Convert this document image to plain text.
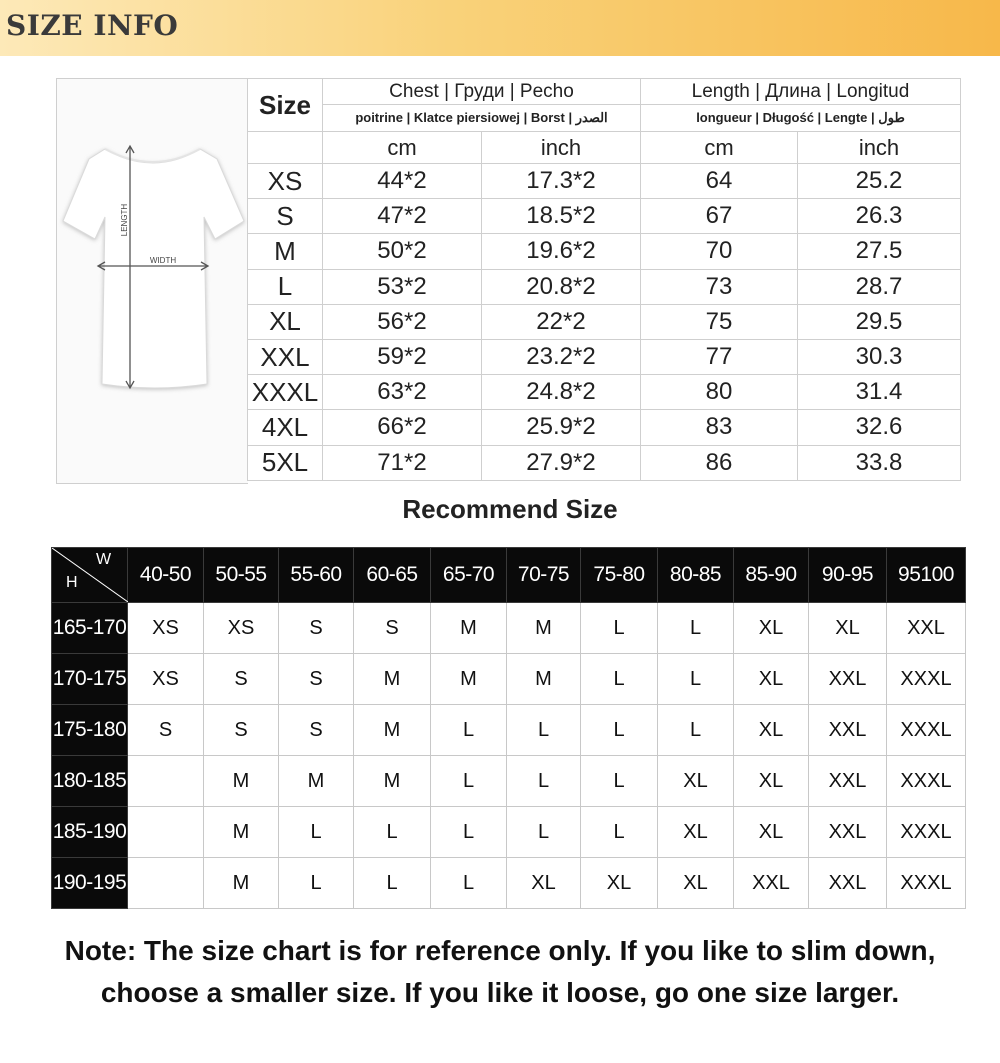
SIZE INFO
LENGTH
WIDTH
Size	Chest | Груди | Pecho		Length | Длина | Longitud	
	poitrine | Klatce piersiowej | Borst | الصدر		longueur | Długość | Lengte | طول	
	cm	inch	cm	inch
XS	44*2	17.3*2	64	25.2
S	47*2	18.5*2	67	26.3
M	50*2	19.6*2	70	27.5
L	53*2	20.8*2	73	28.7
XL	56*2	22*2	75	29.5
XXL	59*2	23.2*2	77	30.3
XXXL	63*2	24.8*2	80	31.4
4XL	66*2	25.9*2	83	32.6
5XL	71*2	27.9*2	86	33.8
Recommend Size
W
H	40-50	50-55	55-60	60-65	65-70	70-75	75-80	80-85	85-90	90-95	95100
165-170	XS	XS	S	S	M	M	L	L	XL	XL	XXL
170-175	XS	S	S	M	M	M	L	L	XL	XXL	XXXL
175-180	S	S	S	M	L	L	L	L	XL	XXL	XXXL
180-185		M	M	M	L	L	L	XL	XL	XXL	XXXL
185-190		M	L	L	L	L	L	XL	XL	XXL	XXXL
190-195		M	L	L	L	XL	XL	XL	XXL	XXL	XXXL
Note: The size chart is for reference only. If you like to slim down, choose a smaller size. If you like it loose, go one size larger.
